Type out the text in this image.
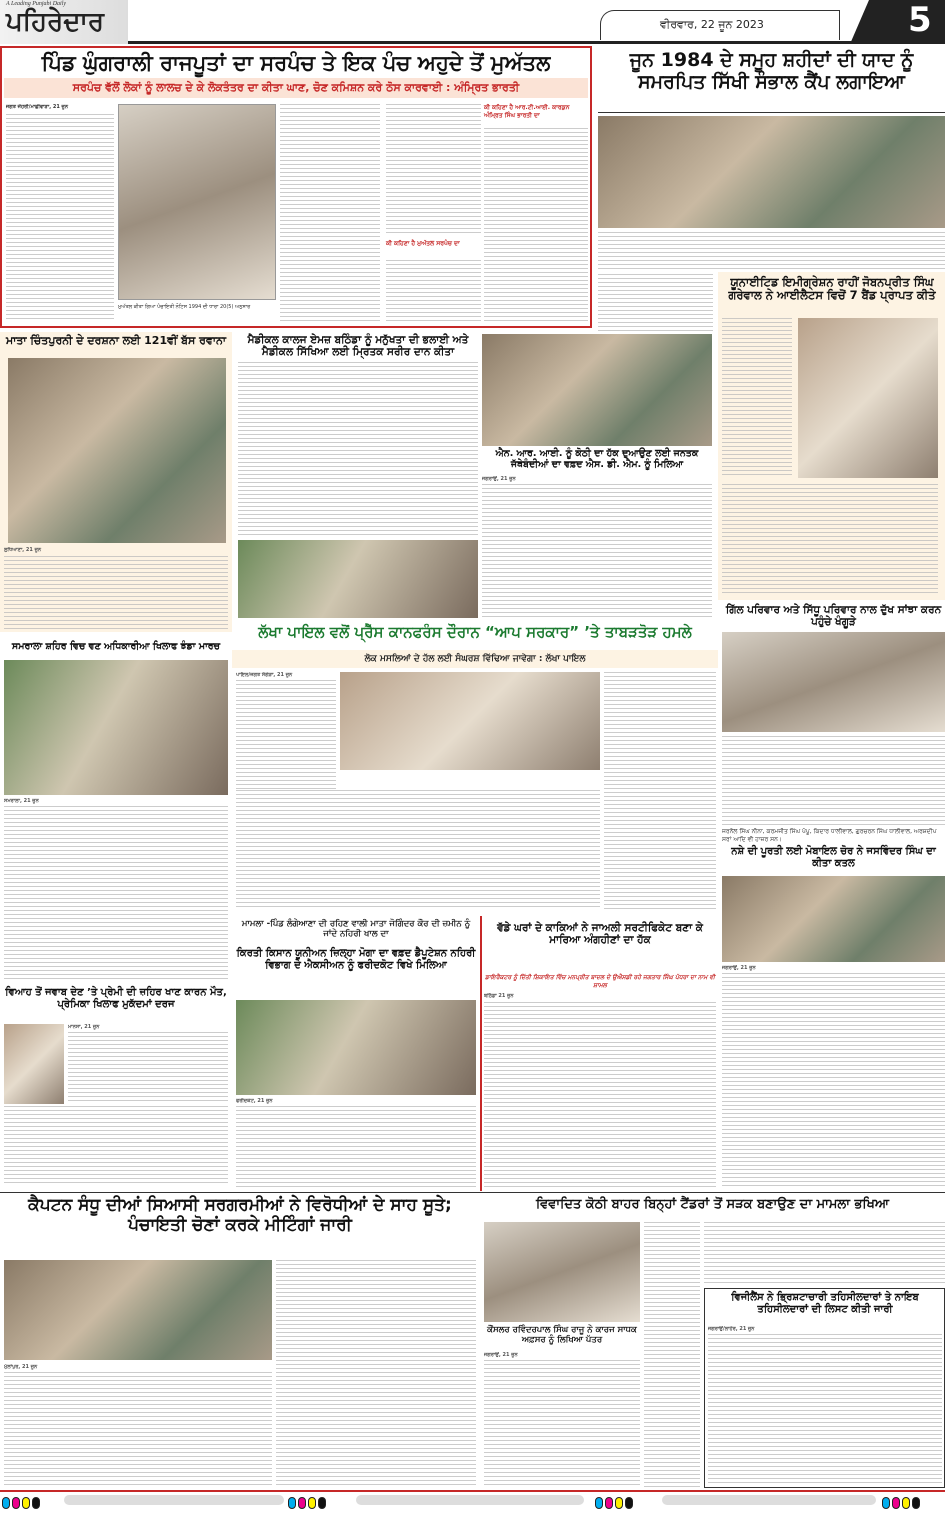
A Leading Punjabi Daily
ਪਹਿਰੇਦਾਰ	ਵੀਰਵਾਰ, 22 ਜੂਨ 2023	5
ਪਿੰਡ ਘੁੰਗਰਾਲੀ ਰਾਜਪੂਤਾਂ ਦਾ ਸਰਪੰਚ ਤੇ ਇਕ ਪੰਚ ਅਹੁਦੇ ਤੋਂ ਮੁਅੱਤਲ
ਸਰਪੰਚ ਵੱਲੋਂ ਲੋਕਾਂ ਨੂੰ ਲਾਲਚ ਦੇ ਕੇ ਲੋਕਤੰਤਰ ਦਾ ਕੀਤਾ ਘਾਣ, ਚੋਣ ਕਮਿਸ਼ਨ ਕਰੇ ਠੋਸ ਕਾਰਵਾਈ : ਅੰਮ੍ਰਿਤ ਭਾਰਤੀ
ਜਗਤ ਜੌਹਰੀ/ਮਾਛੀਵਾੜਾ, 21 ਜੂਨ
ਮੁਅੱਤਲ ਕੀਤਾ ਗਿਆ ਪੰਚਾਇਤੀ ਨੋਟਿਸ 1994 ਦੀ ਧਾਰਾ 20(5) ਅਨੁਸਾਰ
ਕੀ ਕਹਿਣਾ ਹੈ ਮੁਅੱਤਲ ਸਰਪੰਚ ਦਾ
ਕੀ ਕਹਿਣਾ ਹੈ ਆਰ.ਟੀ.ਆਈ. ਕਾਰਕੁਨ ਅੰਮ੍ਰਿਤ ਸਿੰਘ ਭਾਰਤੀ ਦਾ
ਜੂਨ 1984 ਦੇ ਸਮੂਹ ਸ਼ਹੀਦਾਂ ਦੀ ਯਾਦ ਨੂੰ ਸਮਰਪਿਤ ਸਿੱਖੀ ਸੰਭਾਲ ਕੈਂਪ ਲਗਾਇਆ
ਯੂਨਾਈਟਿਡ ਇਮੀਗ੍ਰੇਸ਼ਨ ਰਾਹੀਂ ਜੋਬਨਪ੍ਰੀਤ ਸਿੰਘ ਗਰੇਵਾਲ ਨੇ ਆਈਲੈਟਸ ਵਿਚੋਂ 7 ਬੈਂਡ ਪ੍ਰਾਪਤ ਕੀਤੇ
ਮਾਤਾ ਚਿੰਤਪੁਰਨੀ ਦੇ ਦਰਸ਼ਨਾ ਲਈ 121ਵੀਂ ਬੱਸ ਰਵਾਨਾ
ਲੁਧਿਆਣਾ, 21 ਜੂਨ
ਮੈਡੀਕਲ ਕਾਲਜ ਏਮਜ਼ ਬਠਿੰਡਾ ਨੂੰ ਮਨੁੱਖਤਾ ਦੀ ਭਲਾਈ ਅਤੇ ਮੈਡੀਕਲ ਸਿੱਖਿਆ ਲਈ ਮ੍ਰਿਤਕ ਸਰੀਰ ਦਾਨ ਕੀਤਾ
ਐਨ. ਆਰ. ਆਈ. ਨੂੰ ਕੋਠੀ ਦਾ ਹੱਕ ਦੁਆਉਣ ਲਈ ਜਨਤਕ ਜੱਥੇਬੰਦੀਆਂ ਦਾ ਵਫ਼ਦ ਐਸ. ਡੀ. ਐਮ. ਨੂੰ ਮਿਲਿਆ
ਜਗਰਾਉਂ, 21 ਜੂਨ
ਲੱਖਾ ਪਾਇਲ ਵਲੋਂ ਪ੍ਰੈੱਸ ਕਾਨਫਰੰਸ ਦੌਰਾਨ “ਆਪ ਸਰਕਾਰ” ’ਤੇ ਤਾਬੜਤੋੜ ਹਮਲੇ
ਲੋਕ ਮਸਲਿਆਂ ਦੇ ਹੱਲ ਲਈ ਸੰਘਰਸ਼ ਵਿੱਢਿਆ ਜਾਵੇਗਾ : ਲੱਖਾ ਪਾਇਲ
ਪਾਇਲ/ਜਗਤ ਸੰਗੇੜਾ, 21 ਜੂਨ
ਗਿੱਲ ਪਰਿਵਾਰ ਅਤੇ ਸਿੱਧੂ ਪਰਿਵਾਰ ਨਾਲ ਦੁੱਖ ਸਾਂਝਾ ਕਰਨ ਪਹੁੰਚੇ ਖੰਗੂੜੇ
ਜਰਨੈਲ ਸਿੰਘ ਨੀਨਾ, ਕਰਮਜੀਤ ਸਿੰਘ ਪੱਪੂ, ਕਿਦਾਰ ਧਾਲੀਵਾਲ, ਗੁਰਚਰਨ ਸਿੰਘ ਧਾਲੀਵਾਲ, ਅਰਸ਼ਦੀਪ ਸਰਾਂ ਆਦਿ ਵੀ ਹਾਜ਼ਰ ਸਨ।
ਨਸ਼ੇ ਦੀ ਪੂਰਤੀ ਲਈ ਮੋਬਾਇਲ ਚੋਰ ਨੇ ਜਸਵਿੰਦਰ ਸਿੰਘ ਦਾ ਕੀਤਾ ਕਤਲ
ਜਗਰਾਉਂ, 21 ਜੂਨ
ਸਮਰਾਲਾ ਸ਼ਹਿਰ ਵਿਚ ਵਣ ਅਧਿਕਾਰੀਆ ਖਿਲਾਫ ਝੰਡਾ ਮਾਰਚ
ਸਮਰਾਲਾ, 21 ਜੂਨ
ਵਿਆਹ ਤੋਂ ਜਵਾਬ ਦੇਣ ’ਤੇ ਪ੍ਰੇਮੀ ਦੀ ਜ਼ਹਿਰ ਖਾਣ ਕਾਰਨ ਮੌਤ, ਪ੍ਰੇਮਿਕਾ ਖਿਲਾਫ ਮੁਕੱਦਮਾਂ ਦਰਜ
ਮਾਨਸਾ, 21 ਜੂਨ
ਮਾਮਲਾ -ਪਿੰਡ ਲੰਗੇਆਣਾ ਦੀ ਰਹਿਣ ਵਾਲੀ ਮਾਤਾ ਜੋਗਿੰਦਰ ਕੌਰ ਦੀ ਜ਼ਮੀਨ ਨੂੰ ਜਾਂਦੇ ਨਹਿਰੀ ਖਾਲ ਦਾ
ਕਿਰਤੀ ਕਿਸਾਨ ਯੂਨੀਅਨ ਜ਼ਿਲ੍ਹਾ ਮੋਗਾ ਦਾ ਵਫ਼ਦ ਡੈਪੂਟੇਸ਼ਨ ਨਹਿਰੀ ਵਿਭਾਗ ਦੇ ਐਕਸੀਅਨ ਨੂੰ ਫਰੀਦਕੋਟ ਵਿਖੇ ਮਿਲਿਆ
ਫਰੀਦਕੋਟ, 21 ਜੂਨ
ਵੱਡੇ ਘਰਾਂ ਦੇ ਕਾਕਿਆਂ ਨੇ ਜਾਅਲੀ ਸਰਟੀਫਿਕੇਟ ਬਣਾ ਕੇ ਮਾਰਿਆ ਅੰਗਹੀਣਾਂ ਦਾ ਹੱਕ
ਡਾਇਰੈਕਟਰ ਨੂੰ ਦਿੱਤੀ ਸ਼ਿਕਾਇਤ ਵਿੱਚ ਮਨਪ੍ਰੀਤ ਬਾਦਲ ਦੇ ਉਐਸਡੀ ਰਹੇ ਜਗਤਾਰ ਸਿੰਘ ਪੱਧਰਾ ਦਾ ਨਾਮ ਵੀ ਸ਼ਾਮਲ
ਬਠਿੰਡਾ 21 ਜੂਨ
ਕੈਪਟਨ ਸੰਧੂ ਦੀਆਂ ਸਿਆਸੀ ਸਰਗਰਮੀਆਂ ਨੇ ਵਿਰੋਧੀਆਂ ਦੇ ਸਾਹ ਸੂਤੇ; ਪੰਚਾਇਤੀ ਚੋਣਾਂ ਕਰਕੇ ਮੀਟਿੰਗਾਂ ਜਾਰੀ
ਮੁੱਲਾਂਪੁਰ, 21 ਜੂਨ
ਵਿਵਾਦਿਤ ਕੋਠੀ ਬਾਹਰ ਬਿਨ੍ਹਾਂ ਟੈਂਡਰਾਂ ਤੋਂ ਸੜਕ ਬਣਾਉਣ ਦਾ ਮਾਮਲਾ ਭਖਿਆ
ਕੌਂਸਲਰ ਰਵਿੰਦਰਪਾਲ ਸਿੰਘ ਰਾਜੂ ਨੇ ਕਾਰਜ ਸਾਧਕ ਅਫ਼ਸਰ ਨੂੰ ਲਿਖਿਆ ਪੱਤਰ
ਜਗਰਾਉਂ, 21 ਜੂਨ
ਵਿਜੀਲੈਂਸ ਨੇ ਭ੍ਰਿਸ਼ਟਾਚਾਰੀ ਤਹਿਸੀਲਦਾਰਾਂ ਤੇ ਨਾਇਬ ਤਹਿਸੀਲਦਾਰਾਂ ਦੀ ਲਿਸਟ ਕੀਤੀ ਜਾਰੀ
ਜਗਰਾਉਂ/ਲਾਹੌਰ, 21 ਜੂਨ
